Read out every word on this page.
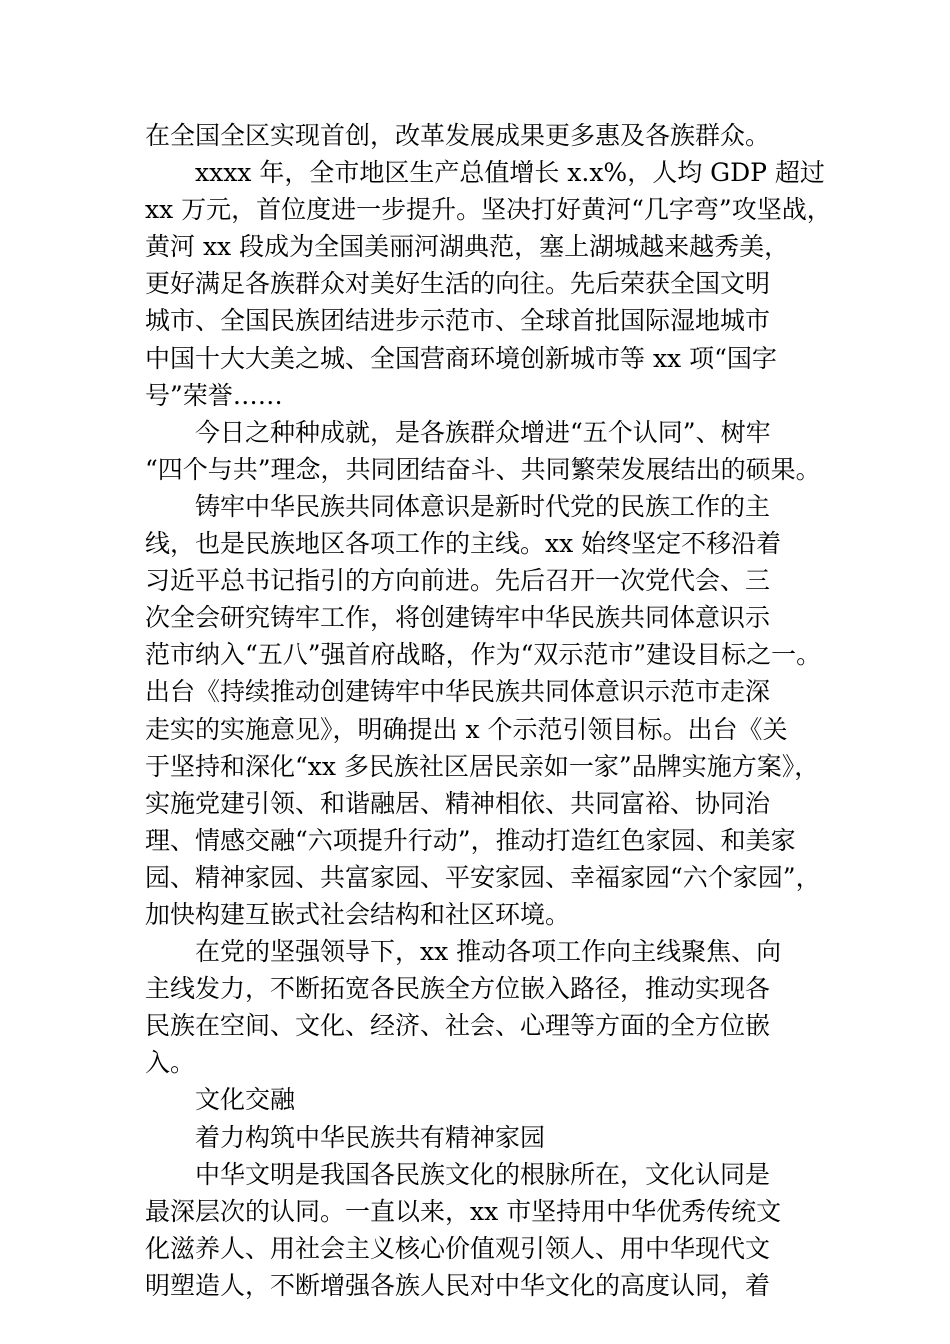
在全国全区实现首创，改革发展成果更多惠及各族群众。
xxxx 年，全市地区生产总值增长 x.x%，人均 GDP 超过
xx 万元，首位度进一步提升。坚决打好黄河“几字弯”攻坚战，
黄河 xx 段成为全国美丽河湖典范，塞上湖城越来越秀美，
更好满足各族群众对美好生活的向往。先后荣获全国文明
城市、全国民族团结进步示范市、全球首批国际湿地城市
中国十大大美之城、全国营商环境创新城市等 xx 项“国字
号”荣誉……
今日之种种成就，是各族群众增进“五个认同”、树牢
“四个与共”理念，共同团结奋斗、共同繁荣发展结出的硕果。
铸牢中华民族共同体意识是新时代党的民族工作的主
线，也是民族地区各项工作的主线。xx 始终坚定不移沿着
习近平总书记指引的方向前进。先后召开一次党代会、三
次全会研究铸牢工作，将创建铸牢中华民族共同体意识示
范市纳入“五八”强首府战略，作为“双示范市”建设目标之一。
出台《持续推动创建铸牢中华民族共同体意识示范市走深
走实的实施意见》，明确提出 x 个示范引领目标。出台《关
于坚持和深化“xx 多民族社区居民亲如一家”品牌实施方案》，
实施党建引领、和谐融居、精神相依、共同富裕、协同治
理、情感交融“六项提升行动”，推动打造红色家园、和美家
园、精神家园、共富家园、平安家园、幸福家园“六个家园”，
加快构建互嵌式社会结构和社区环境。
在党的坚强领导下，xx 推动各项工作向主线聚焦、向
主线发力，不断拓宽各民族全方位嵌入路径，推动实现各
民族在空间、文化、经济、社会、心理等方面的全方位嵌
入。
文化交融
着力构筑中华民族共有精神家园
中华文明是我国各民族文化的根脉所在，文化认同是
最深层次的认同。一直以来，xx 市坚持用中华优秀传统文
化滋养人、用社会主义核心价值观引领人、用中华现代文
明塑造人，不断增强各族人民对中华文化的高度认同，着
